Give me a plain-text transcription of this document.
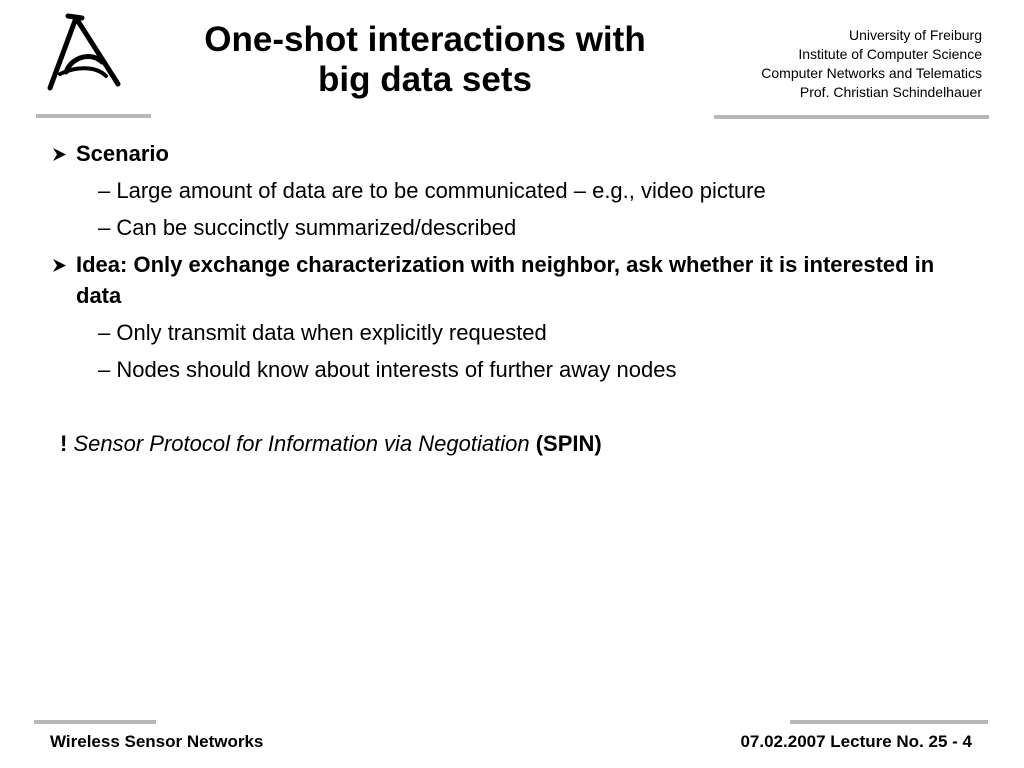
One-shot interactions with
big data sets
University of Freiburg
Institute of Computer Science
Computer Networks and Telematics
Prof. Christian Schindelhauer
Scenario
– Large amount of data are to be communicated – e.g., video picture
– Can be succinctly summarized/described
Idea: Only exchange characterization with neighbor, ask whether it is interested in data
– Only transmit data when explicitly requested
– Nodes should know about interests of further away nodes
! Sensor Protocol for Information via Negotiation (SPIN)
Wireless Sensor Networks	07.02.2007 Lecture No. 25 - 4
